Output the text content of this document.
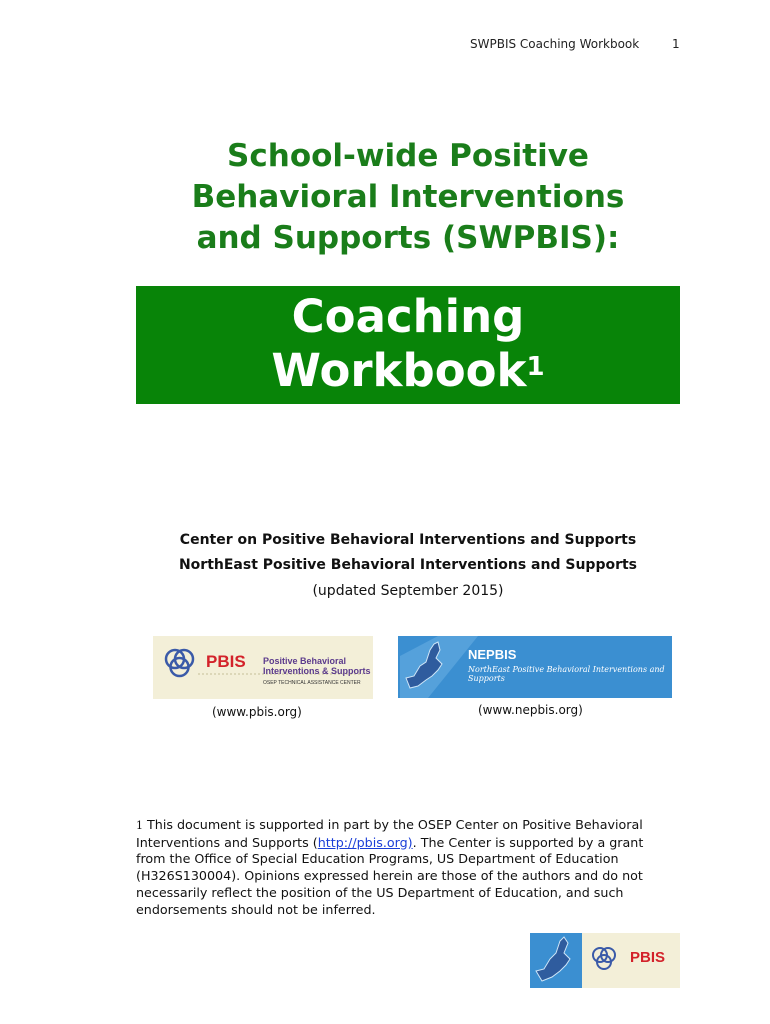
SWPBIS Coaching Workbook	1
School-wide Positive
Behavioral Interventions
and Supports (SWPBIS):
Coaching
Workbook$^1$
Center on Positive Behavioral Interventions and Supports
NorthEast Positive Behavioral Interventions and Supports
(updated September 2015)
PBIS Positive Behavioral
Interventions & Supports
OSEP TECHNICAL ASSISTANCE CENTER
(www.pbis.org)
NEPBIS
NorthEast Positive Behavioral Interventions and Supports
(www.nepbis.org)
1 This document is supported in part by the OSEP Center on Positive Behavioral Interventions and Supports (http://pbis.org). The Center is supported by a grant from the Office of Special Education Programs, US Department of Education (H326S130004). Opinions expressed herein are those of the authors and do not necessarily reflect the position of the US Department of Education, and such endorsements should not be inferred.
PBIS
